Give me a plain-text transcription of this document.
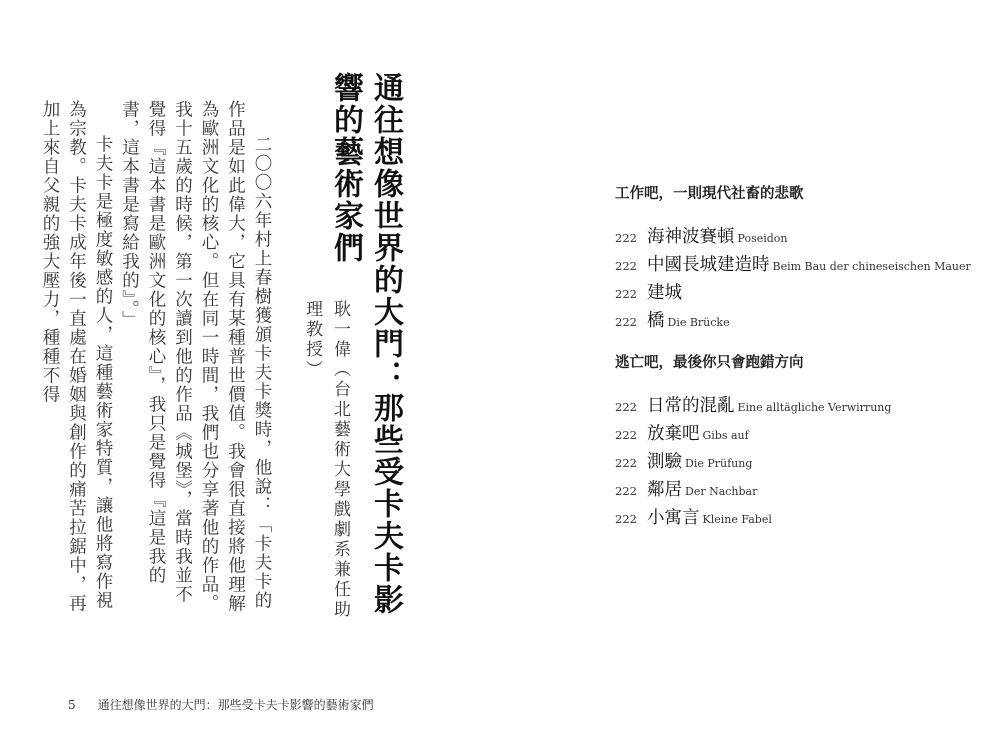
通往想像世界的大門：那些受卡夫卡影響的藝術家們
耿一偉（台北藝術大學戲劇系兼任助理教授）

二〇〇六年村上春樹獲頒卡夫卡獎時，他說：「卡夫卡的作品是如此偉大，它具有某種普世價值。我會很直接將他理解為歐洲文化的核心。但在同一時間，我們也分享著他的作品。我十五歲的時候，第一次讀到他的作品《城堡》，當時我並不覺得『這本書是歐洲文化的核心』，我只是覺得『這是我的書，這本書是寫給我的』。」

卡夫卡是極度敏感的人，這種藝術家特質，讓他將寫作視為宗教。卡夫卡成年後一直處在婚姻與創作的痛苦拉鋸中，再加上來自父親的強大壓力，種種不得

5 通往想像世界的大門：那些受卡夫卡影響的藝術家們
工作吧，一則現代社畜的悲歌
222 海神波賽頓 Poseidon
222 中國長城建造時 Beim Bau der chineseischen Mauer
222 建城
222 橋 Die Brücke
逃亡吧，最後你只會跑錯方向
222 日常的混亂 Eine alltägliche Verwirrung
222 放棄吧 Gibs auf
222 測驗 Die Prüfung
222 鄰居 Der Nachbar
222 小寓言 Kleine Fabel
